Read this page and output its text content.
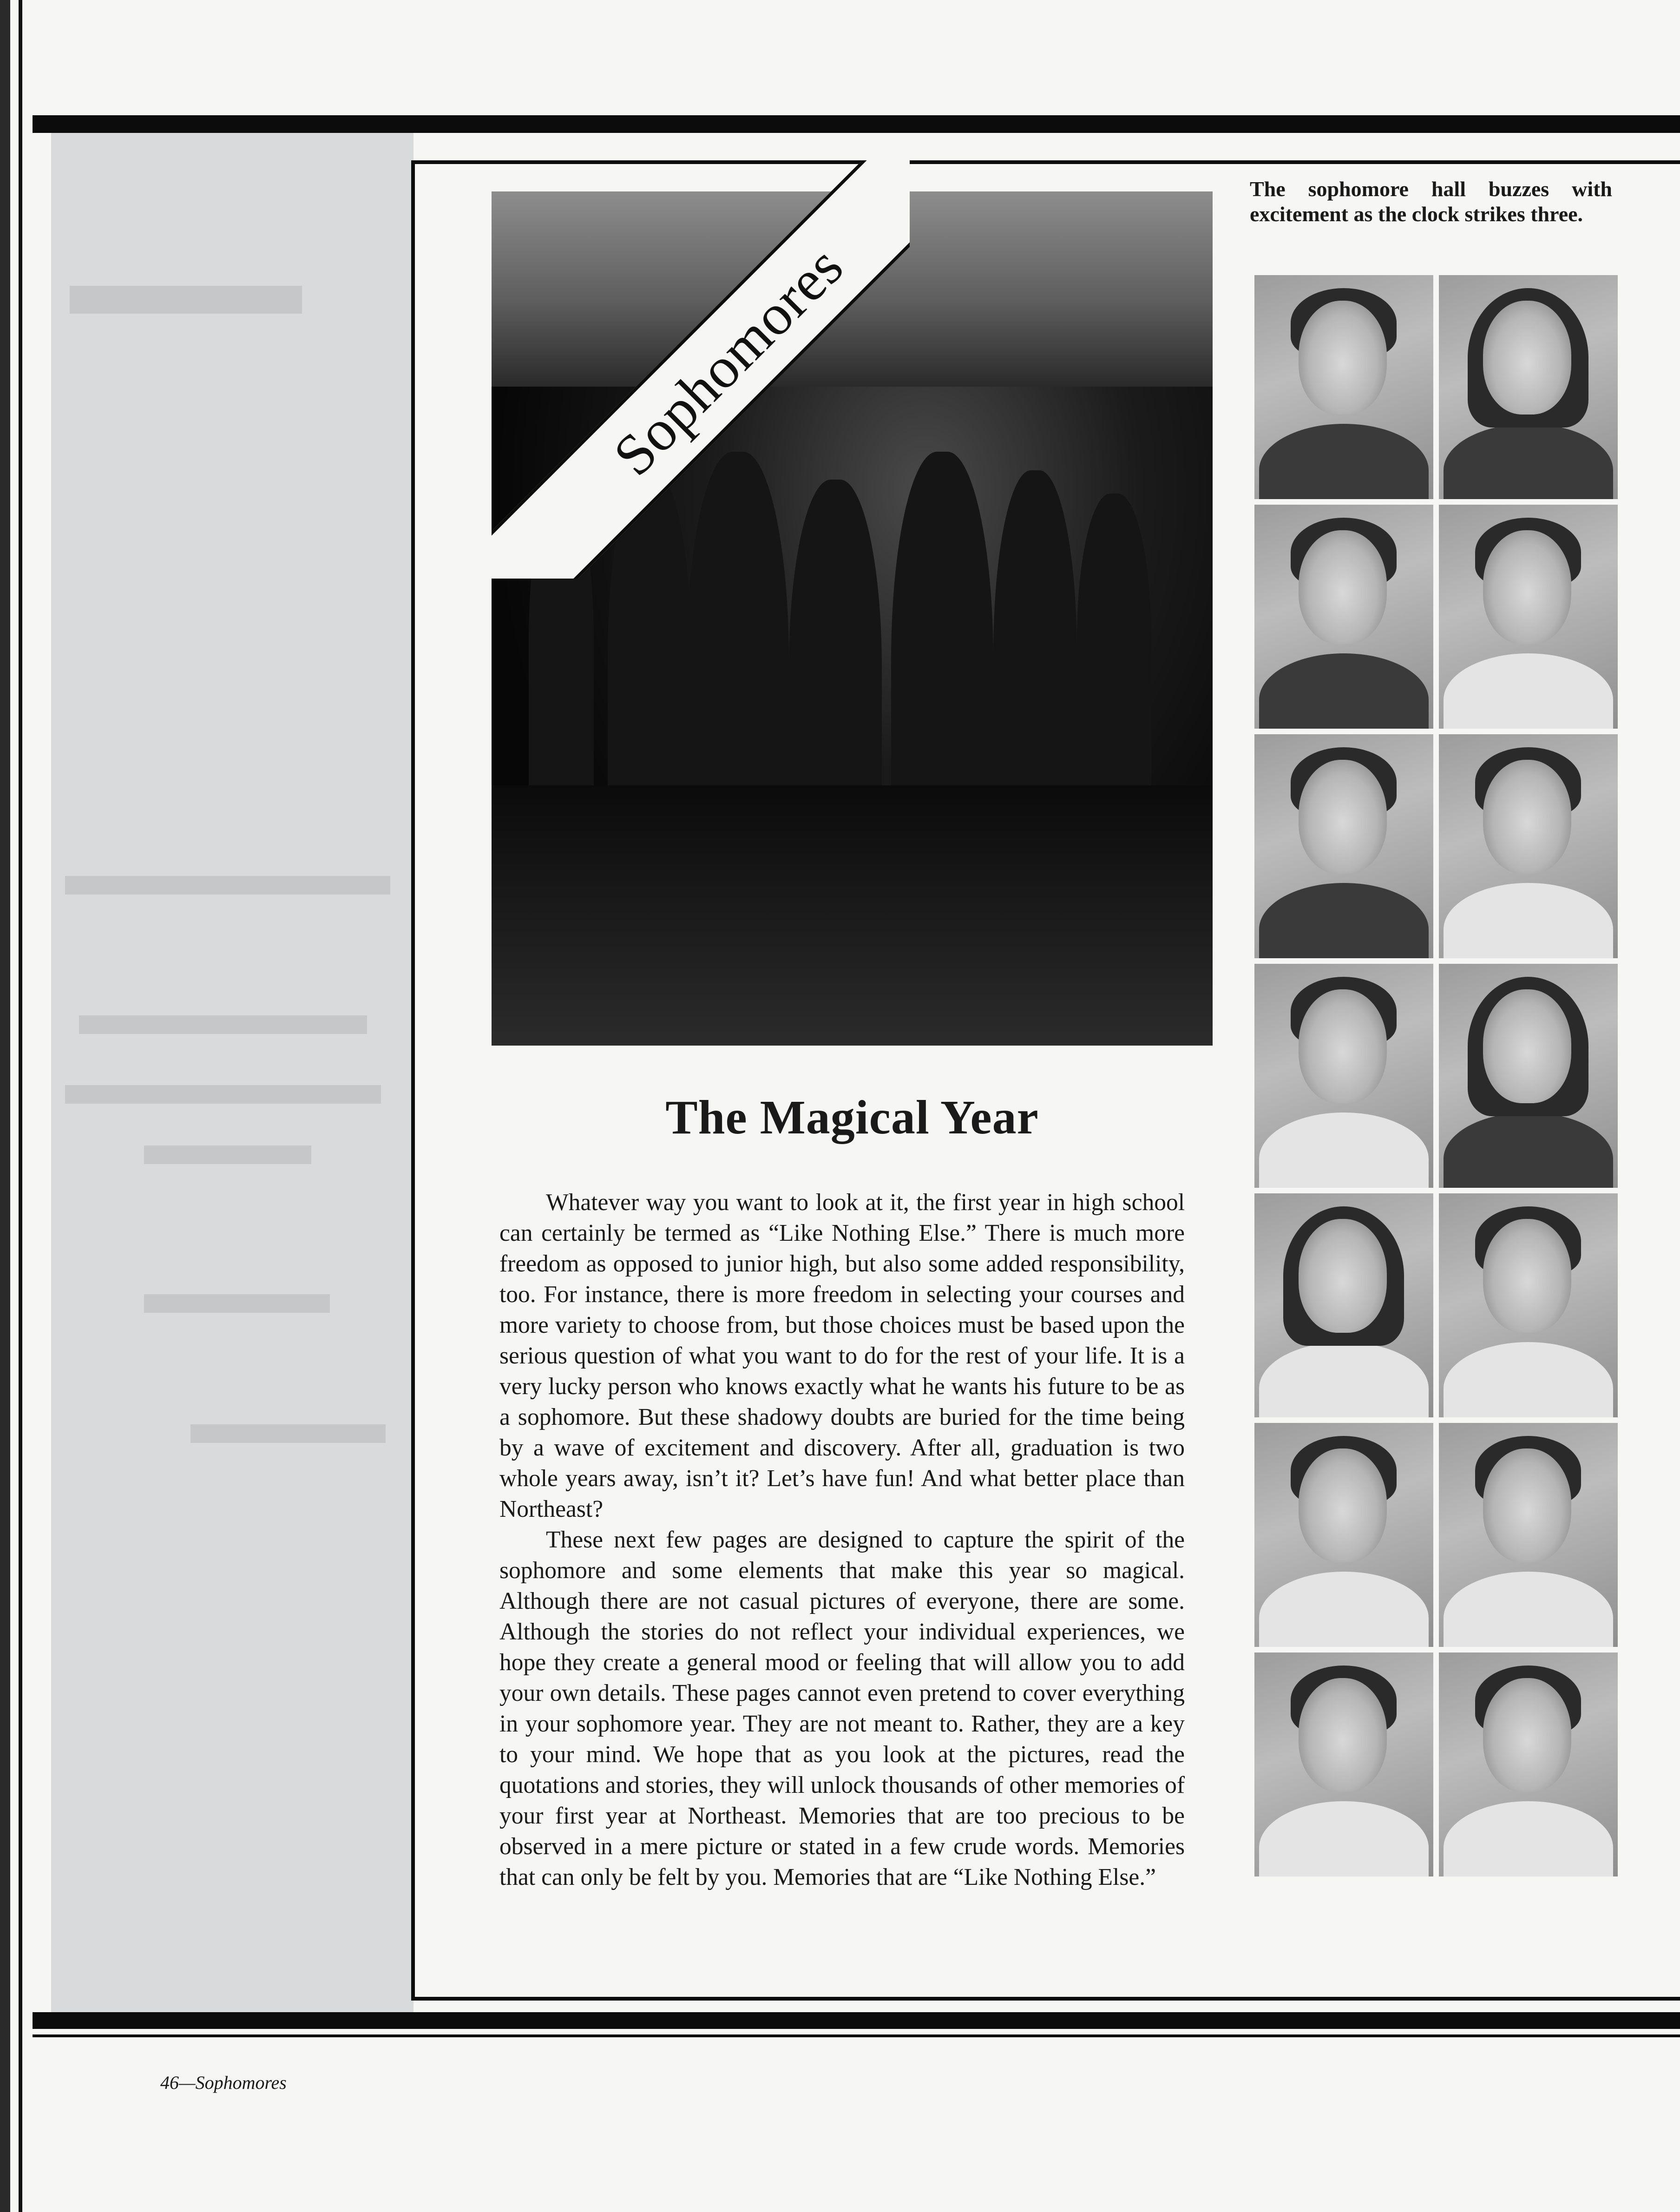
Sophomores
The Magical Year

Whatever way you want to look at it, the first year in high school can certainly be termed as “Like Nothing Else.” There is much more freedom as opposed to junior high, but also some added responsibility, too. For instance, there is more freedom in selecting your courses and more variety to choose from, but those choices must be based upon the serious question of what you want to do for the rest of your life. It is a very lucky person who knows exactly what he wants his future to be as a sophomore. But these shadowy doubts are buried for the time being by a wave of excitement and discovery. After all, graduation is two whole years away, isn’t it? Let’s have fun! And what better place than Northeast?

These next few pages are designed to capture the spirit of the sophomore and some elements that make this year so magical. Although there are not casual pictures of everyone, there are some. Although the stories do not reflect your individual experiences, we hope they create a general mood or feeling that will allow you to add your own details. These pages cannot even pretend to cover everything in your sophomore year. They are not meant to. Rather, they are a key to your mind. We hope that as you look at the pictures, read the quotations and stories, they will unlock thousands of other memories of your first year at Northeast. Memories that are too precious to be observed in a mere picture or stated in a few crude words. Memories that can only be felt by you. Memories that are “Like Nothing Else.”

The sophomore hall buzzes with excitement as the clock strikes three.
46—Sophomores
